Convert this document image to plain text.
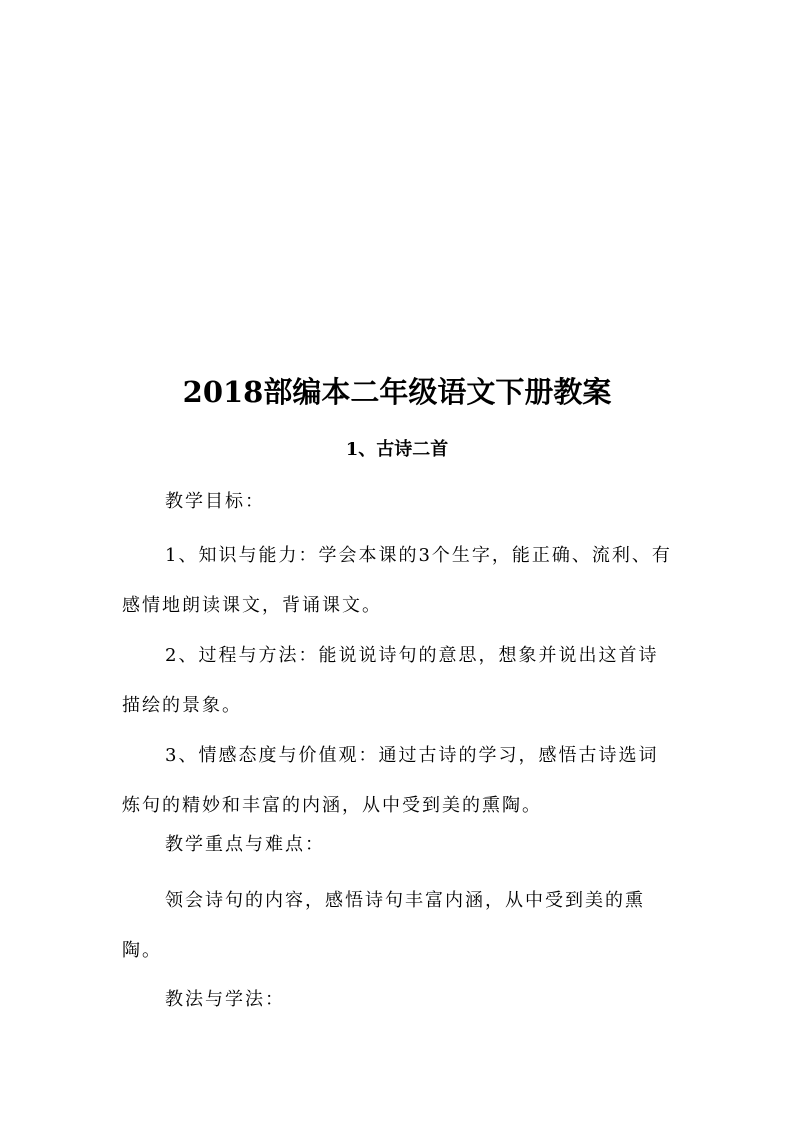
2018部编本二年级语文下册教案
1、古诗二首

教学目标：

1、知识与能力：学会本课的3个生字，能正确、流利、有感情地朗读课文，背诵课文。

2、过程与方法：能说说诗句的意思，想象并说出这首诗描绘的景象。

3、情感态度与价值观：通过古诗的学习，感悟古诗选词炼句的精妙和丰富的内涵，从中受到美的熏陶。

教学重点与难点：

领会诗句的内容，感悟诗句丰富内涵，从中受到美的熏陶。

教法与学法：
